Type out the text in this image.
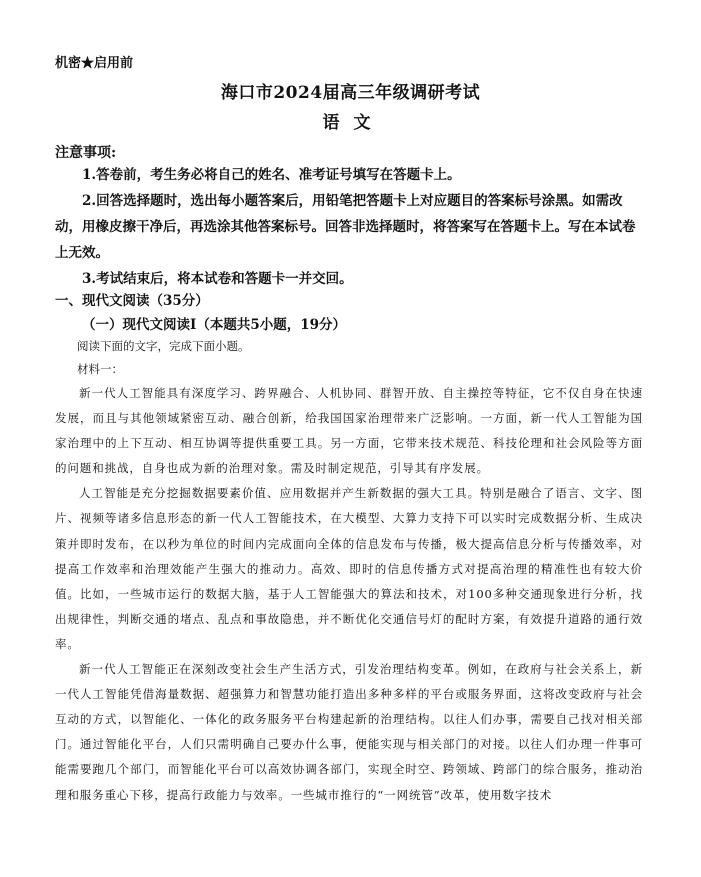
机密★启用前
海口市2024届高三年级调研考试
语文
注意事项:
1.答卷前，考生务必将自己的姓名、准考证号填写在答题卡上。
2.回答选择题时，选出每小题答案后，用铅笔把答题卡上对应题目的答案标号涂黑。如需改动，用橡皮擦干净后，再选涂其他答案标号。回答非选择题时，将答案写在答题卡上。写在本试卷上无效。
3.考试结束后，将本试卷和答题卡一并交回。
一、现代文阅读（35分）
（一）现代文阅读I（本题共5小题，19分）
阅读下面的文字，完成下面小题。
材料一：

新一代人工智能具有深度学习、跨界融合、人机协同、群智开放、自主操控等特征，它不仅自身在快速发展，而且与其他领域紧密互动、融合创新，给我国国家治理带来广泛影响。一方面，新一代人工智能为国家治理中的上下互动、相互协调等提供重要工具。另一方面，它带来技术规范、科技伦理和社会风险等方面的问题和挑战，自身也成为新的治理对象。需及时制定规范，引导其有序发展。

人工智能是充分挖掘数据要素价值、应用数据并产生新数据的强大工具。特别是融合了语言、文字、图片、视频等诸多信息形态的新一代人工智能技术，在大模型、大算力支持下可以实时完成数据分析、生成决策并即时发布，在以秒为单位的时间内完成面向全体的信息发布与传播，极大提高信息分析与传播效率，对提高工作效率和治理效能产生强大的推动力。高效、即时的信息传播方式对提高治理的精准性也有较大价值。比如，一些城市运行的数据大脑，基于人工智能强大的算法和技术，对100多种交通现象进行分析，找出规律性，判断交通的堵点、乱点和事故隐患，并不断优化交通信号灯的配时方案，有效提升道路的通行效率。

新一代人工智能正在深刻改变社会生产生活方式，引发治理结构变革。例如，在政府与社会关系上，新一代人工智能凭借海量数据、超强算力和智慧功能打造出多种多样的平台或服务界面，这将改变政府与社会互动的方式，以智能化、一体化的政务服务平台构建起新的治理结构。以往人们办事，需要自己找对相关部门。通过智能化平台，人们只需明确自己要办什么事，便能实现与相关部门的对接。以往人们办理一件事可能需要跑几个部门，而智能化平台可以高效协调各部门，实现全时空、跨领域、跨部门的综合服务，推动治理和服务重心下移，提高行政能力与效率。一些城市推行的“一网统管”改革，使用数字技术
